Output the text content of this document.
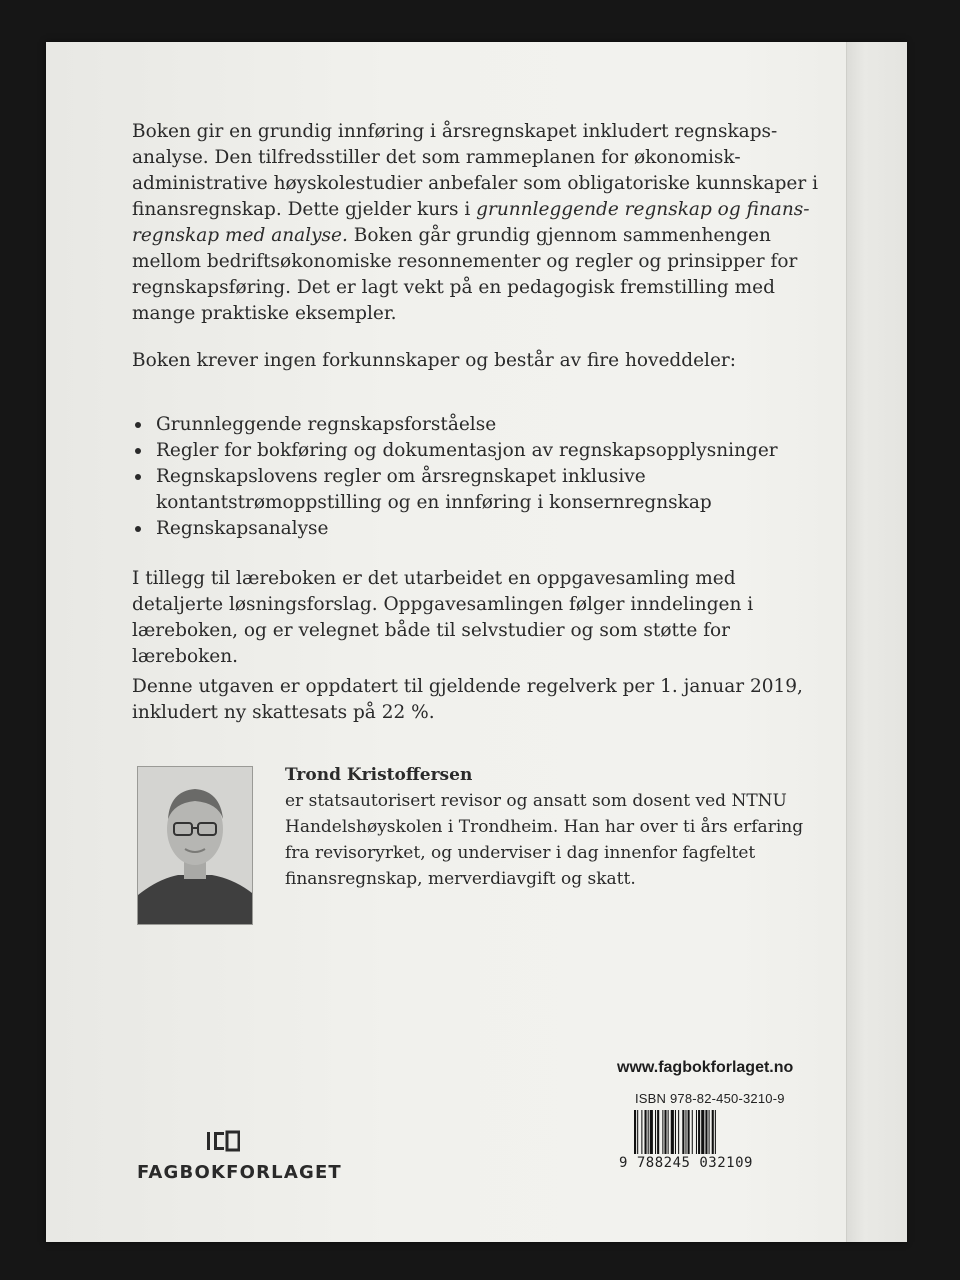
Boken gir en grundig innføring i årsregnskapet inkludert regnskapsanalyse. Den tilfredsstiller det som rammeplanen for økonomisk-administrative høyskolestudier anbefaler som obligatoriske kunnskaper i finansregnskap. Dette gjelder kurs i grunnleggende regnskap og finansregnskap med analyse. Boken går grundig gjennom sammenhengen mellom bedriftsøkonomiske resonnementer og regler og prinsipper for regnskapsføring. Det er lagt vekt på en pedagogisk fremstilling med mange praktiske eksempler.

Boken krever ingen forkunnskaper og består av fire hoveddeler:

Grunnleggende regnskapsforståelse
Regler for bokføring og dokumentasjon av regnskapsopplysninger
Regnskapslovens regler om årsregnskapet inklusive kontantstrømoppstilling og en innføring i konsernregnskap
Regnskapsanalyse

I tillegg til læreboken er det utarbeidet en oppgavesamling med detaljerte løsningsforslag. Oppgavesamlingen følger inndelingen i læreboken, og er velegnet både til selvstudier og som støtte for læreboken.

Denne utgaven er oppdatert til gjeldende regelverk per 1. januar 2019, inkludert ny skattesats på 22 %.

Trond Kristoffersen
er statsautorisert revisor og ansatt som dosent ved NTNU Handelshøyskolen i Trondheim. Han har over ti års erfaring fra revisoryrket, og underviser i dag innenfor fagfeltet finansregnskap, merverdiavgift og skatt.
FAGBOKFORLAGET
www.fagbokforlaget.no
ISBN 978-82-450-3210-9
9 788245 032109
